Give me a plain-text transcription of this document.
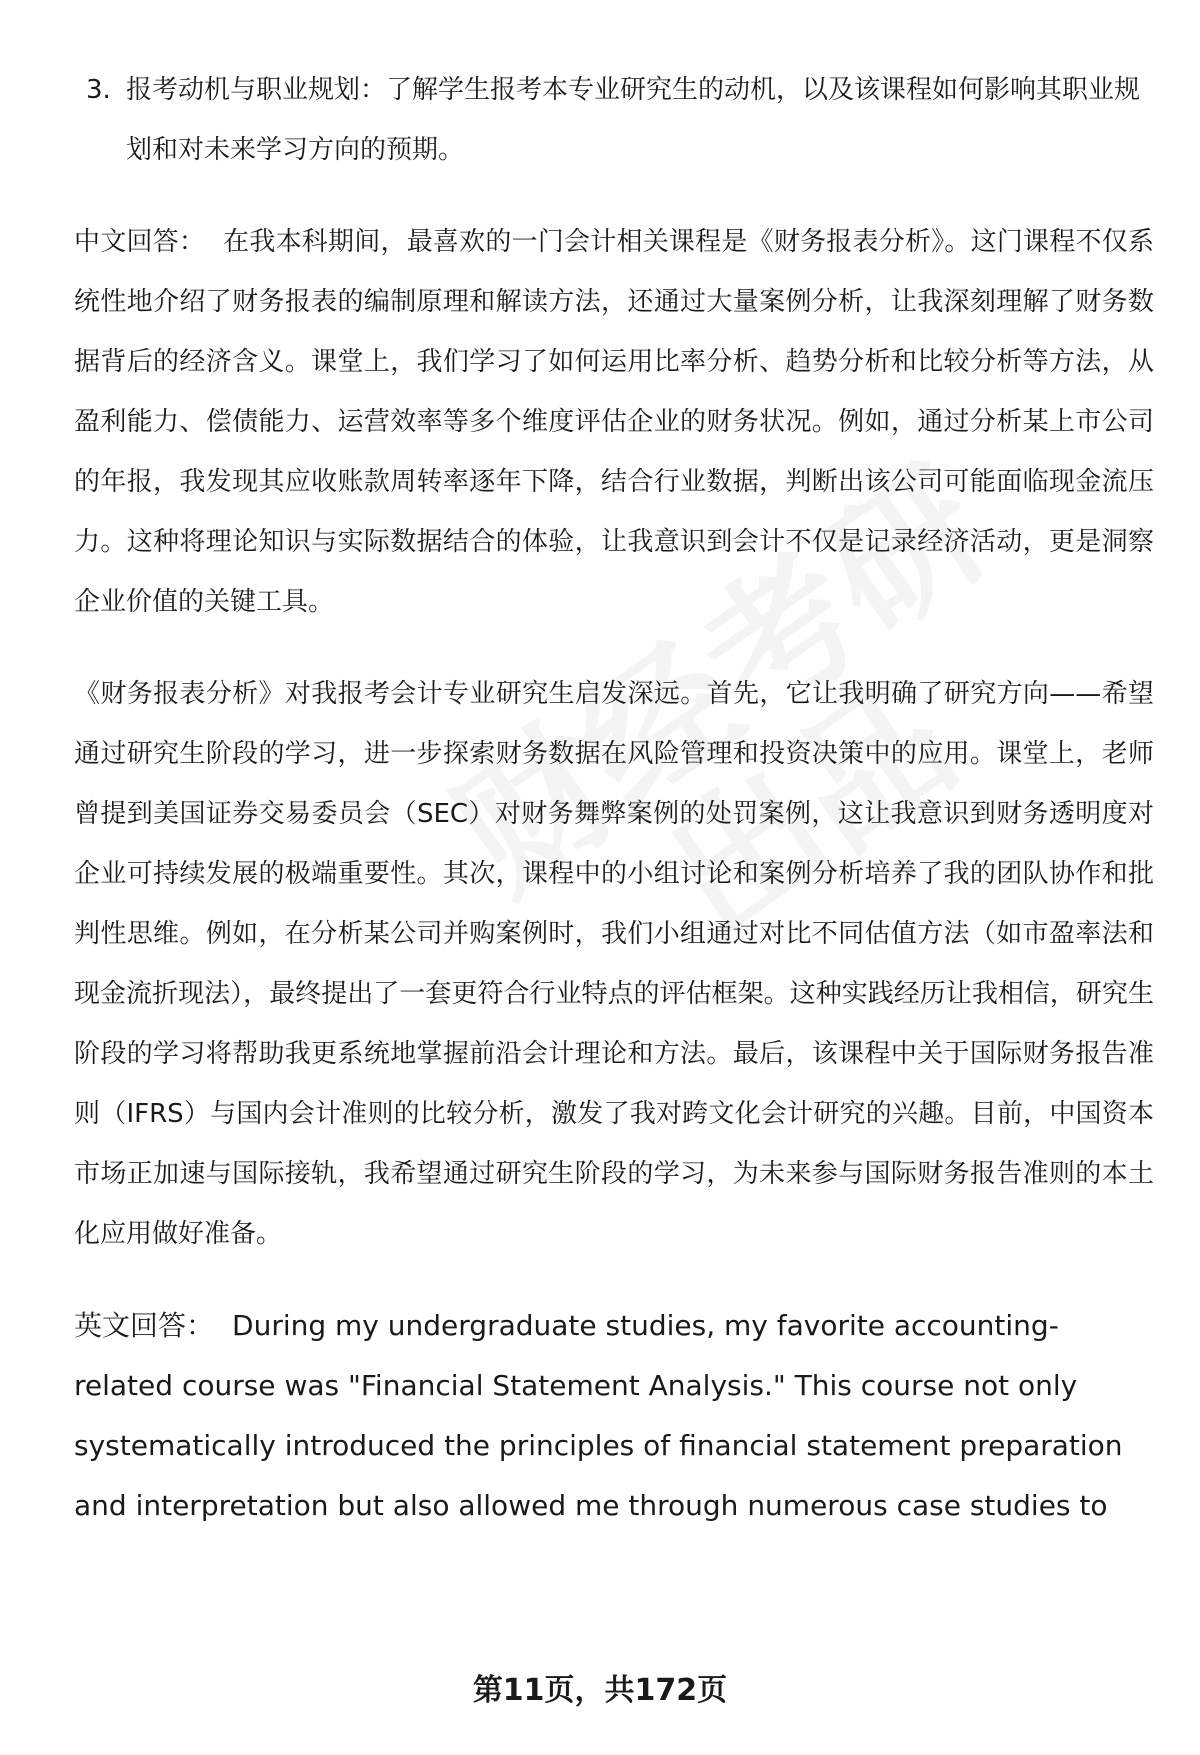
3. 报考动机与职业规划：了解学生报考本专业研究生的动机，以及该课程如何影响其职业规划和对未来学习方向的预期。
中文回答： 在我本科期间，最喜欢的一门会计相关课程是《财务报表分析》。这门课程不仅系统性地介绍了财务报表的编制原理和解读方法，还通过大量案例分析，让我深刻理解了财务数据背后的经济含义。课堂上，我们学习了如何运用比率分析、趋势分析和比较分析等方法，从盈利能力、偿债能力、运营效率等多个维度评估企业的财务状况。例如，通过分析某上市公司的年报，我发现其应收账款周转率逐年下降，结合行业数据，判断出该公司可能面临现金流压力。这种将理论知识与实际数据结合的体验，让我意识到会计不仅是记录经济活动，更是洞察企业价值的关键工具。
《财务报表分析》对我报考会计专业研究生启发深远。首先，它让我明确了研究方向——希望通过研究生阶段的学习，进一步探索财务数据在风险管理和投资决策中的应用。课堂上，老师曾提到美国证券交易委员会（SEC）对财务舞弊案例的处罚案例，这让我意识到财务透明度对企业可持续发展的极端重要性。其次，课程中的小组讨论和案例分析培养了我的团队协作和批判性思维。例如，在分析某公司并购案例时，我们小组通过对比不同估值方法（如市盈率法和现金流折现法），最终提出了一套更符合行业特点的评估框架。这种实践经历让我相信，研究生阶段的学习将帮助我更系统地掌握前沿会计理论和方法。最后，该课程中关于国际财务报告准则（IFRS）与国内会计准则的比较分析，激发了我对跨文化会计研究的兴趣。目前，中国资本市场正加速与国际接轨，我希望通过研究生阶段的学习，为未来参与国际财务报告准则的本土化应用做好准备。
英文回答： During my undergraduate studies, my favorite accounting-related course was "Financial Statement Analysis." This course not only systematically introduced the principles of financial statement preparation and interpretation but also allowed me through numerous case studies to
第11页，共172页
